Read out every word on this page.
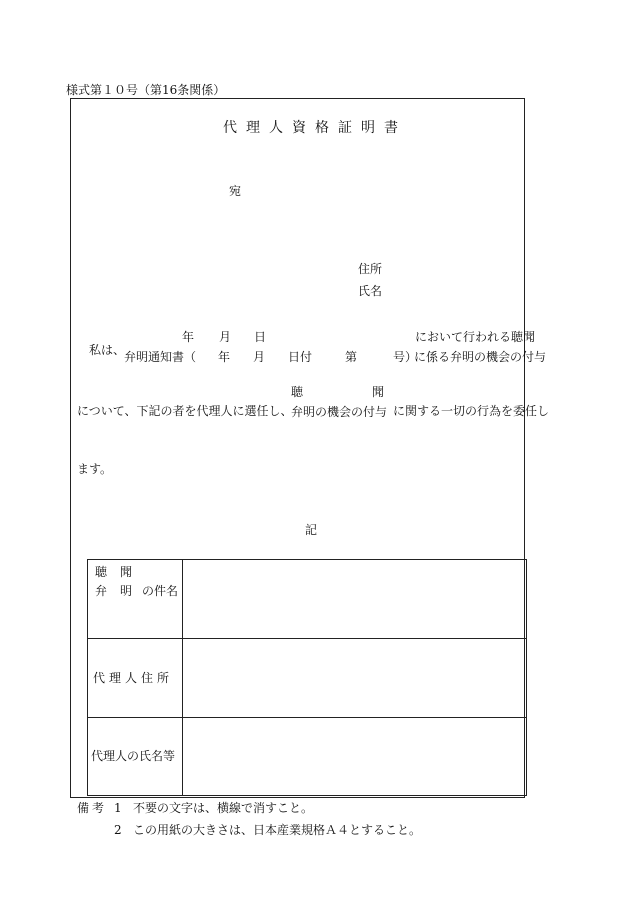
様式第１０号（第16条関係）
代理人資格証明書
宛
住所
氏名
私は、
年 月 日	において行われる聴聞
弁明通知書（ 年 月 日付	第	号）
に係る弁明の機会の付与
聴	聞
について、下記の者を代理人に選任し、
弁明の機会の付与 に関する一切の行為を委任し
ます。
記
聴 聞
弁 明 の件名
代理人住所
代理人の氏名等
備考 1 不要の文字は、横線で消すこと。
2 この用紙の大きさは、日本産業規格Ａ４とすること。
